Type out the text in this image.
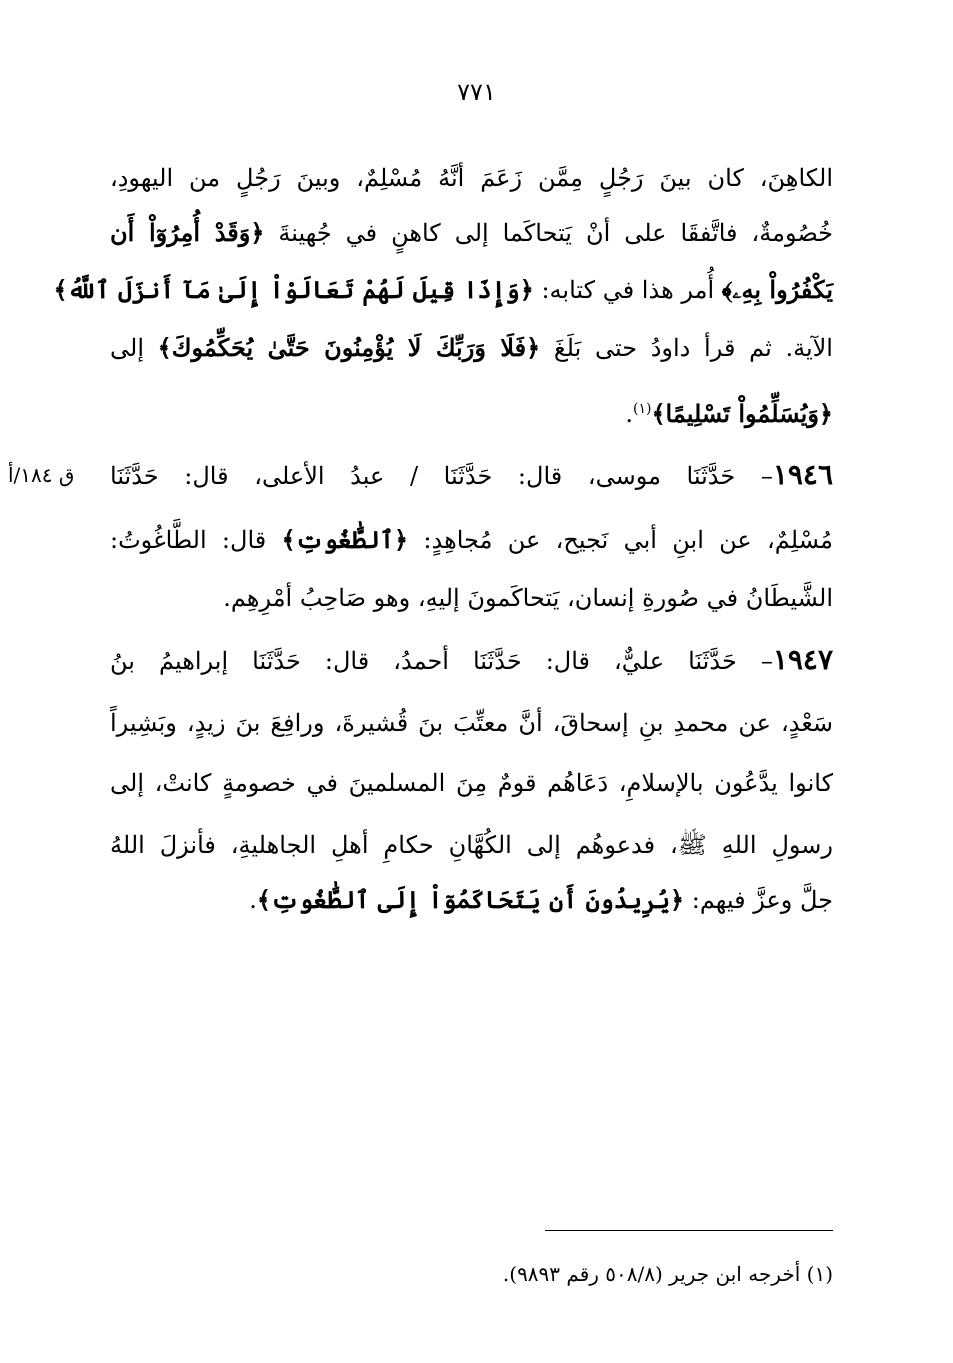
٧٧١
الكاهِنَ، كان بينَ رَجُلٍ مِمَّن زَعَمَ أنَّهُ مُسْلِمٌ، وبينَ رَجُلٍ من اليهودِ،
خُصُومةٌ، فاتَّفقَا على أنْ يَتحاكَما إلى كاهنٍ في جُهينةَ ﴿وَقَدْ أُمِرُوٓاْ أَن
يَكْفُرُواْ بِهِۦ﴾ أُمر هذا في كتابه: ﴿وَإِذَا قِيلَ لَهُمْ تَعَالَوْاْ إِلَىٰ مَآ أَنزَلَ ٱللَّهُ﴾
الآية. ثم قرأ داودُ حتى بَلَغَ ﴿فَلَا وَرَبِّكَ لَا يُؤْمِنُونَ حَتَّىٰ يُحَكِّمُوكَ﴾ إلى
﴿وَيُسَلِّمُواْ تَسْلِيمًا﴾$^{(١)}$.
١٩٤٦– حَدَّثَنَا موسى، قال: حَدَّثَنَا / عبدُ الأعلى، قال: حَدَّثَنَا
ق ١٨٤/أ
مُسْلِمٌ، عن ابنِ أبي نَجيح، عن مُجاهِدٍ: ﴿ٱلطَّٰغُوتِ﴾ قال: الطَّاغُوتُ:
الشَّيطَانُ في صُورةِ إنسان، يَتحاكَمونَ إليهِ، وهو صَاحِبُ أمْرِهِم.
١٩٤٧– حَدَّثَنَا عليٌّ، قال: حَدَّثَنَا أحمدُ، قال: حَدَّثَنَا إبراهيمُ بنُ
سَعْدٍ، عن محمدِ بنِ إسحاقَ، أنَّ معتِّبَ بنَ قُشيرةَ، ورافِعَ بنَ زيدٍ، وبَشِيراً
كانوا يدَّعُون بالإسلامِ، دَعَاهُم قومٌ مِنَ المسلمينَ في خصومةٍ كانتْ، إلى
رسولِ اللهِ ﷺ، فدعوهُم إلى الكُهَّانِ حكامِ أهلِ الجاهليةِ، فأنزلَ اللهُ
جلَّ وعزَّ فيهم: ﴿يُرِيدُونَ أَن يَتَحَاكَمُوٓاْ إِلَى ٱلطَّٰغُوتِ﴾.
(١) أخرجه ابن جرير (٥٠٨/٨ رقم ٩٨٩٣).
